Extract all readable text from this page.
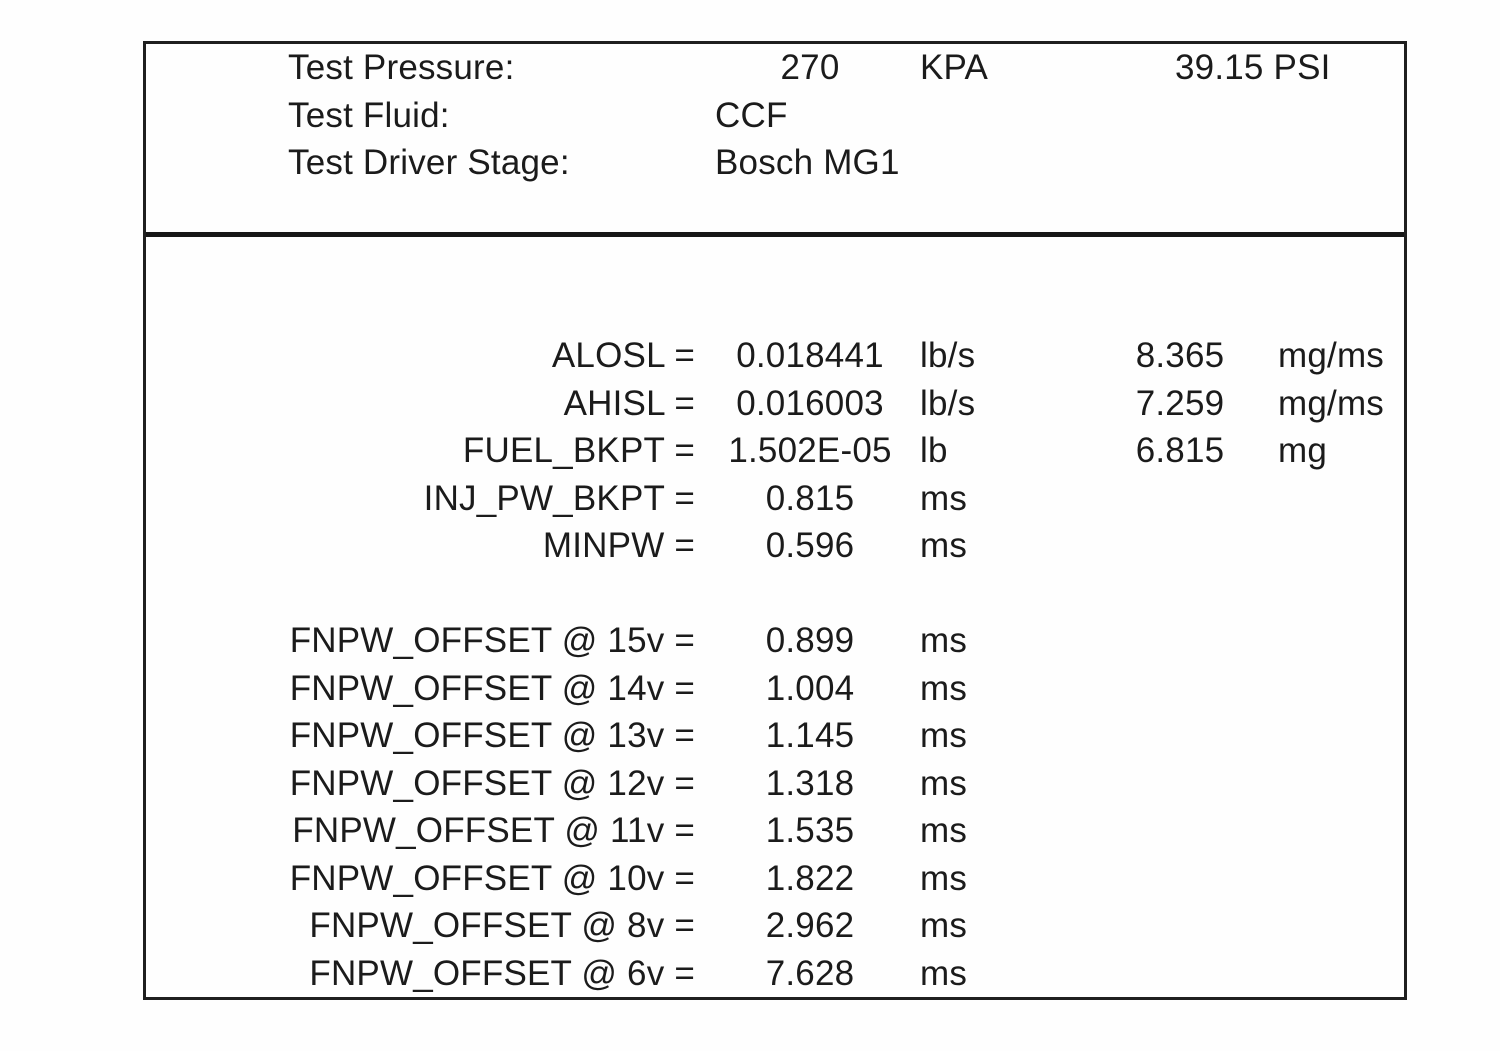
Test Pressure:	270	KPA	39.15 PSI
Test Fluid:	CCF
Test Driver Stage:	Bosch MG1
ALOSL =	0.018441	lb/s	8.365	mg/ms
AHISL =	0.016003	lb/s	7.259	mg/ms
FUEL_BKPT = 1.502E-05 lb	6.815	mg
INJ_PW_BKPT =	0.815	ms
MINPW =	0.596	ms
FNPW_OFFSET @ 15v =	0.899	ms
FNPW_OFFSET @ 14v =	1.004	ms
FNPW_OFFSET @ 13v =	1.145	ms
FNPW_OFFSET @ 12v =	1.318	ms
FNPW_OFFSET @ 11v =	1.535	ms
FNPW_OFFSET @ 10v =	1.822	ms
FNPW_OFFSET @ 8v =	2.962	ms
FNPW_OFFSET @ 6v =	7.628	ms
